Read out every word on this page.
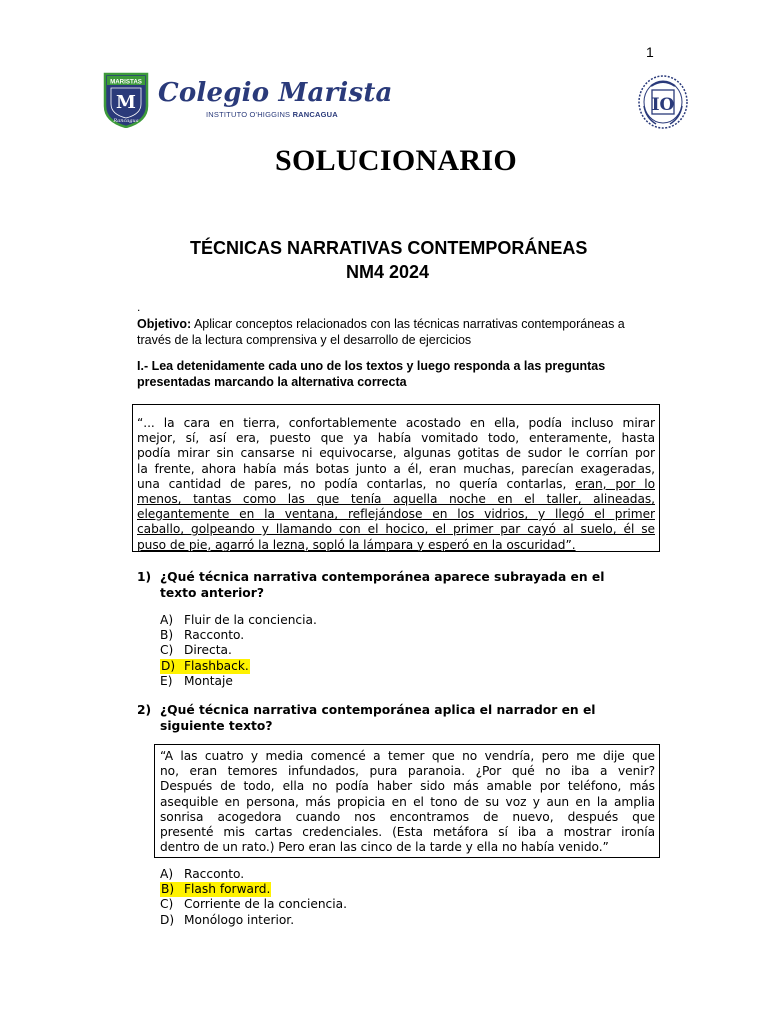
1
MARISTAS
M
Rancagua
Colegio Marista
INSTITUTO O'HIGGINS RANCAGUA	IO
SOLUCIONARIO
TÉCNICAS NARRATIVAS CONTEMPORÁNEAS
NM4 2024
.
Objetivo: Aplicar conceptos relacionados con las técnicas narrativas contemporáneas a través de la lectura comprensiva y el desarrollo de ejercicios
I.- Lea detenidamente cada uno de los textos y luego responda a las preguntas presentadas marcando la alternativa correcta
“... la cara en tierra, confortablemente acostado en ella, podía incluso mirar
mejor, sí, así era, puesto que ya había vomitado todo, enteramente, hasta
podía mirar sin cansarse ni equivocarse, algunas gotitas de sudor le corrían por
la frente, ahora había más botas junto a él, eran muchas, parecían exageradas,
una cantidad de pares, no podía contarlas, no quería contarlas, eran, por lo
menos, tantas como las que tenía aquella noche en el taller, alineadas,
elegantemente en la ventana, reflejándose en los vidrios, y llegó el primer
caballo, golpeando y llamando con el hocico, el primer par cayó al suelo, él se
puso de pie, agarró la lezna, sopló la lámpara y esperó en la oscuridad”.
1) ¿Qué técnica narrativa contemporánea aparece subrayada en el texto anterior?
A) Fluir de la conciencia.
B) Racconto.
C) Directa.
D) Flashback.
E) Montaje
2) ¿Qué técnica narrativa contemporánea aplica el narrador en el siguiente texto?
“A las cuatro y media comencé a temer que no vendría, pero me dije que
no, eran temores infundados, pura paranoia. ¿Por qué no iba a venir?
Después de todo, ella no podía haber sido más amable por teléfono, más
asequible en persona, más propicia en el tono de su voz y aun en la amplia
sonrisa acogedora cuando nos encontramos de nuevo, después que
presenté mis cartas credenciales. (Esta metáfora sí iba a mostrar ironía
dentro de un rato.) Pero eran las cinco de la tarde y ella no había venido.”
A) Racconto.
B) Flash forward.
C) Corriente de la conciencia.
D) Monólogo interior.
